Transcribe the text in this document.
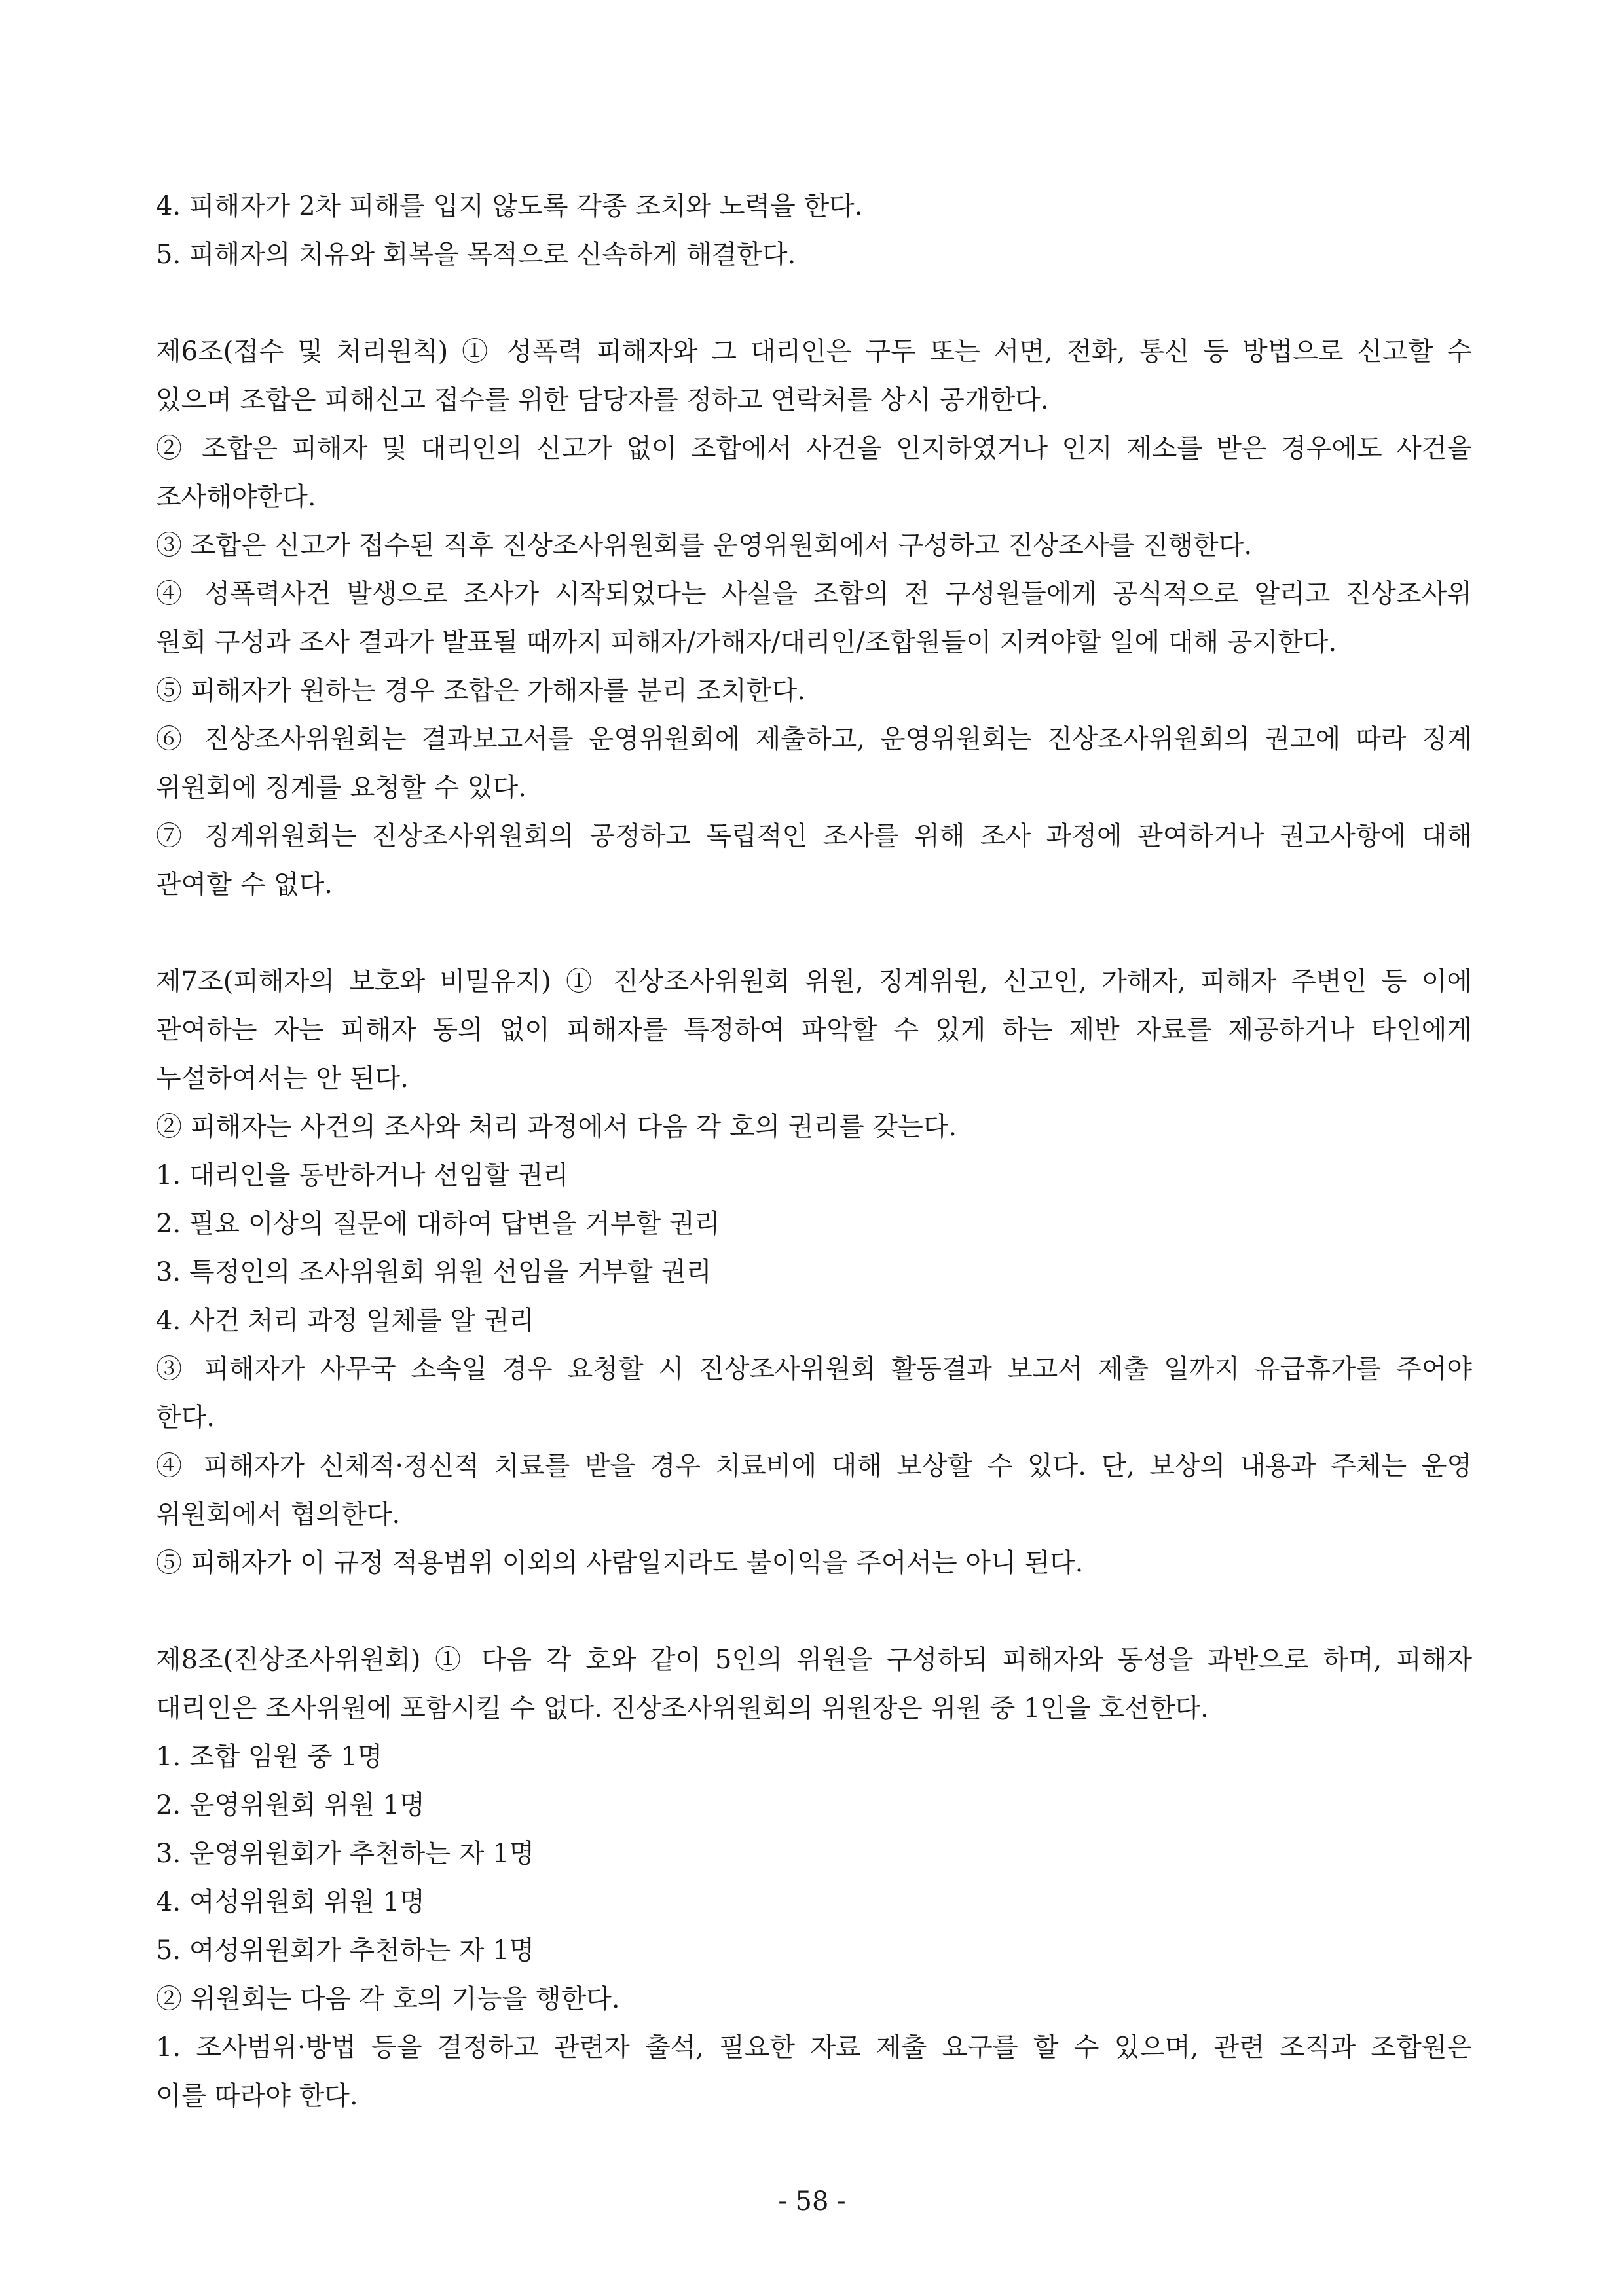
4. 피해자가 2차 피해를 입지 않도록 각종 조치와 노력을 한다.
5. 피해자의 치유와 회복을 목적으로 신속하게 해결한다.
제6조(접수 및 처리원칙) ① 성폭력 피해자와 그 대리인은 구두 또는 서면, 전화, 통신 등 방법으로 신고할 수
있으며 조합은 피해신고 접수를 위한 담당자를 정하고 연락처를 상시 공개한다.
② 조합은 피해자 및 대리인의 신고가 없이 조합에서 사건을 인지하였거나 인지 제소를 받은 경우에도 사건을
조사해야한다.
③ 조합은 신고가 접수된 직후 진상조사위원회를 운영위원회에서 구성하고 진상조사를 진행한다.
④ 성폭력사건 발생으로 조사가 시작되었다는 사실을 조합의 전 구성원들에게 공식적으로 알리고 진상조사위
원회 구성과 조사 결과가 발표될 때까지 피해자/가해자/대리인/조합원들이 지켜야할 일에 대해 공지한다.
⑤ 피해자가 원하는 경우 조합은 가해자를 분리 조치한다.
⑥ 진상조사위원회는 결과보고서를 운영위원회에 제출하고, 운영위원회는 진상조사위원회의 권고에 따라 징계
위원회에 징계를 요청할 수 있다.
⑦ 징계위원회는 진상조사위원회의 공정하고 독립적인 조사를 위해 조사 과정에 관여하거나 권고사항에 대해
관여할 수 없다.
제7조(피해자의 보호와 비밀유지) ① 진상조사위원회 위원, 징계위원, 신고인, 가해자, 피해자 주변인 등 이에
관여하는 자는 피해자 동의 없이 피해자를 특정하여 파악할 수 있게 하는 제반 자료를 제공하거나 타인에게
누설하여서는 안 된다.
② 피해자는 사건의 조사와 처리 과정에서 다음 각 호의 권리를 갖는다.
1. 대리인을 동반하거나 선임할 권리
2. 필요 이상의 질문에 대하여 답변을 거부할 권리
3. 특정인의 조사위원회 위원 선임을 거부할 권리
4. 사건 처리 과정 일체를 알 권리
③ 피해자가 사무국 소속일 경우 요청할 시 진상조사위원회 활동결과 보고서 제출 일까지 유급휴가를 주어야
한다.
④ 피해자가 신체적·정신적 치료를 받을 경우 치료비에 대해 보상할 수 있다. 단, 보상의 내용과 주체는 운영
위원회에서 협의한다.
⑤ 피해자가 이 규정 적용범위 이외의 사람일지라도 불이익을 주어서는 아니 된다.
제8조(진상조사위원회) ① 다음 각 호와 같이 5인의 위원을 구성하되 피해자와 동성을 과반으로 하며, 피해자
대리인은 조사위원에 포함시킬 수 없다. 진상조사위원회의 위원장은 위원 중 1인을 호선한다.
1. 조합 임원 중 1명
2. 운영위원회 위원 1명
3. 운영위원회가 추천하는 자 1명
4. 여성위원회 위원 1명
5. 여성위원회가 추천하는 자 1명
② 위원회는 다음 각 호의 기능을 행한다.
1. 조사범위·방법 등을 결정하고 관련자 출석, 필요한 자료 제출 요구를 할 수 있으며, 관련 조직과 조합원은
이를 따라야 한다.
- 58 -
